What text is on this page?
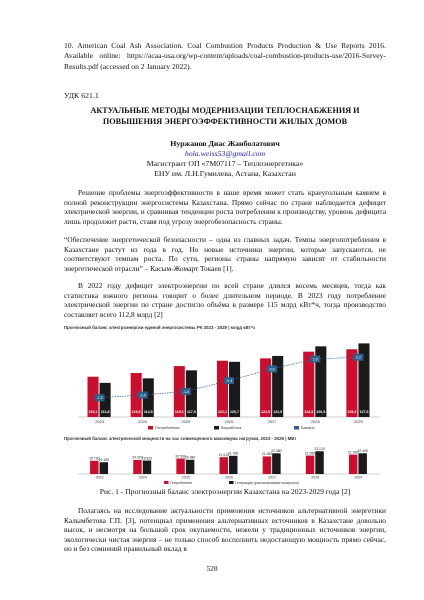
10. American Coal Ash Association. Coal Combustion Products Production & Use Reports 2016. Available online: https://acaa-usa.org/wp-content/uploads/coal-combustion-products-use/2016-Survey-Results.pdf (accessed on 2 January 2022).
УДК 621.1
АКТУАЛЬНЫЕ МЕТОДЫ МОДЕРНИЗАЦИИ ТЕПЛОСНАБЖЕНИЯ И
ПОВЫШЕНИЯ ЭНЕРГОЭФФЕКТИВНОСТИ ЖИЛЫХ ДОМОВ
Нуржанов Диас Жанболатович
hola.weiss53@gmail.com
Магистрант ОП «7М07117 – Теплоэнергетика»
ЕНУ им. Л.Н.Гумилева, Астана, Казахстан
Решение проблемы энергоэффективности в наше время может стать краеугольным камнем в полной реконструкции энергосистемы Казахстана. Прямо сейчас по стране наблюдается дефицит электрической энергии, и сравнивая тенденции роста потребления к производству, уровень дефицита лишь продолжит расти, ставя под угрозу энергобезопасность страны.
“Обеспечение энергетической безопасности – одна из главных задач. Темпы энергопотребления в Казахстане растут из года в год. Но новые источники энергии, которые запускаются, не соответствуют темпам роста. По сути, регионы страны напрямую зависят от стабильности энергетической отрасли” – Касым-Жомарт Токаев [1].
В 2022 году дефицит электроэнергии по всей стране длился восемь месяцев, тогда как статистика южного региона говорит о более длительном периоде. В 2023 году потребление электрической энергии по стране достигло объёма в размере 115 млрд кВт*ч, тогда производство составляет всего 112,8 млрд [2]
Прогнозный баланс электроэнергии единой энергосистемы РК 2023 - 2029 | млрд кВт*ч
115,1 112,8
2023
116,5 114,5
2024
119,1 117,5
2025
121,1 120,7
2026
122,0 122,9
2027
124,5 126,5
2028
125,4 127,6
2029
-2,3
-2,0
-1,6
-0,4
0,9
2,0	2,2
Потребление	Выработка	Баланс
Прогнозный баланс электрической мощности на час совмещенного максимума нагрузки, 2023 - 2029 | МВт
19 730 19 195
2023
20 020 19 810
2024
20 530 20 080
2025
21 010 21 490
2026
21 280
22 380
2027
21 580
23 120
2028
21 920 22 400
2029
Потребление	Генерация (располагаемая мощность)
Рис. 1 - Прогнозный баланс электроэнергии Казахстана на 2023-2029 года [2]
Полагаясь на исследование актуальности применения источников альтернативной энергетики Калымбетова Г.П. [3], потенциал применения альтернативных источников в Казахстане довольно высок, и несмотря на большой срок окупаемости, нежели у традиционных источников энергии, экологически чистая энергия – не только способ восполнить недостающую мощность прямо сейчас, но и без сомнений правильный вклад в
528
